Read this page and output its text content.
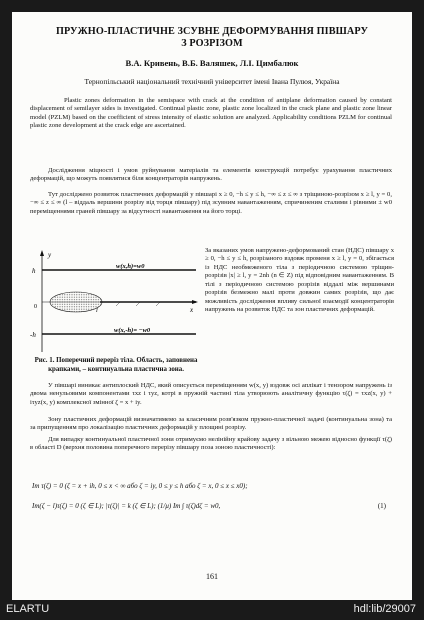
ПРУЖНО-ПЛАСТИЧНЕ ЗСУВНЕ ДЕФОРМУВАННЯ ПІВШАРУ З РОЗРІЗОМ
В.А. Кривень, В.Б. Валяшек, Л.І. Цимбалюк
Тернопільський національний технічний університет імені Івана Пулюя, Україна
Plastic zones deformation in the semispace with crack at the condition of antiplane deformation caused by constant displacement of semilayer sides is investigated. Continual plastic zone, plastic zone localized in the crack plane and plastic zone linear model (PZLM) based on the coefficient of stress intensity of elastic solution are analyzed. Applicability conditions PZLM for continual plastic zone development at the crack edge are ascertained.
Дослідження міцності і умов руйнування матеріалів та елементів конструкцій потребує урахування пластичних деформацій, що можуть появлятися біля концентраторів напружень.
Тут досліджено розвиток пластичних деформацій у півшарі x ≥ 0, −h ≤ y ≤ h, −∞ ≤ z ≤ ∞ з тріщиною-розрізом x ≥ l, y = 0, −∞ ≤ z ≤ ∞ (l – віддаль вершини розрізу від торця півшару) під зсувним навантаженням, спричиненим сталими і рівними ± w0 переміщеннями граней півшару за відсутності навантаження на його торці.
y
h
-h
0	l	x
w(x,h)=w0
w(x,-h)= −w0
Рис. 1. Поперечний переріз тіла. Область, заповнена крапками, – континуальна пластична зона.
За вказаних умов напружено-деформований стан (НДС) півшару x ≥ 0, −h ≤ y ≤ h, розрізаного вздовж променя x ≥ l, y = 0, збігається із НДС необмеженого тіла з періодичною системою тріщин-розрізів |x| ≥ l, y = 2nh (n ∈ Z) під відповідним навантаженням. В тілі з періодичною системою розрізів віддалі між вершинами розрізів безмежно малі проти довжин самих розрізів, що дає можливість дослідження впливу сильної взаємодії концентраторів напружень на розвиток НДС та зон пластичних деформацій.
У півшарі виникає антиплоский НДС, який описується переміщенням w(x, y) вздовж осі аплікат і тензором напружень із двома ненульовими компонентами τxz і τyz, котрі в пружній частині тіла утворюють аналітичну функцію τ(ζ) = τxz(x, y) + iτyz(x, y) комплексної змінної ζ = x + iy.
Зону пластичних деформацій визначатимемо за класичним розв'язком пружно-пластичної задачі (континуальна зона) та за припущенням про локалізацію пластичних деформацій у площині розрізу.
Для випадку континуальної пластичної зони отримуємо нелінійну крайову задачу з вільною межею відносно функції τ(ζ) в області D (верхня половина поперечного перерізу півшару поза зоною пластичності):
Im τ(ζ) = 0 (ζ = x + ih, 0 ≤ x < ∞ або ζ = iy, 0 ≤ y ≤ h або ζ = x, 0 ≤ x ≤ x0);
Im(ζ − l)τ(ζ) = 0 (ζ ∈ L); |τ(ζ)| = k (ζ ∈ L); (1/μ) Im ∫ τ(ζ)dζ = w0,	(1)
161
ELARTU	hdl:lib/29007
